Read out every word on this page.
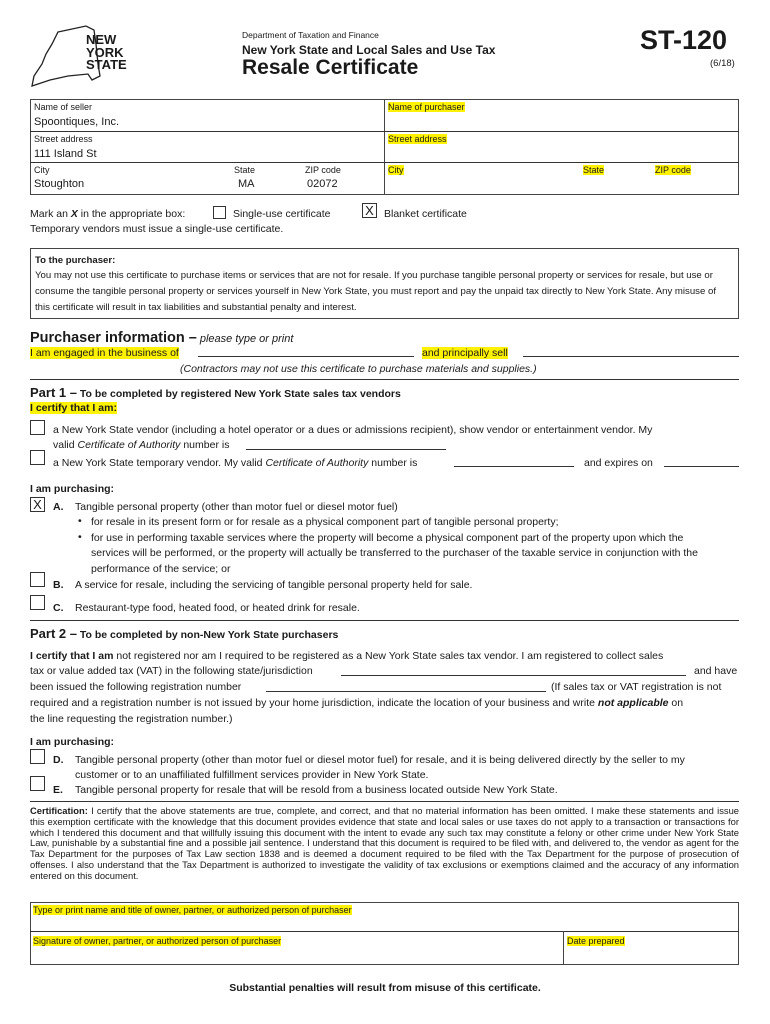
NEW
YORK
STATE
Department of Taxation and Finance
New York State and Local Sales and Use Tax
Resale Certificate
ST-120
(6/18)
Name of seller
Spoontiques, Inc.
Street address
111 Island St
City
Stoughton
State
MA
ZIP code
02072
Name of purchaser
Street address
City	State	ZIP code
Mark an X in the appropriate box:	Single-use certificate	X Blanket certificate
Temporary vendors must issue a single-use certificate.
To the purchaser:
You may not use this certificate to purchase items or services that are not for resale. If you purchase tangible personal property or services for resale, but use or consume the tangible personal property or services yourself in New York State, you must report and pay the unpaid tax directly to New York State. Any misuse of this certificate will result in tax liabilities and substantial penalty and interest.
Purchaser information – please type or print
I am engaged in the business of	and principally sell
(Contractors may not use this certificate to purchase materials and supplies.)
Part 1 – To be completed by registered New York State sales tax vendors
I certify that I am:
a New York State vendor (including a hotel operator or a dues or admissions recipient), show vendor or entertainment vendor. My
valid Certificate of Authority number is
a New York State temporary vendor. My valid Certificate of Authority number is	and expires on
I am purchasing:
X	A. Tangible personal property (other than motor fuel or diesel motor fuel)
• for resale in its present form or for resale as a physical component part of tangible personal property;
• for use in performing taxable services where the property will become a physical component part of the property upon which the
services will be performed, or the property will actually be transferred to the purchaser of the taxable service in conjunction with the
performance of the service; or
B. A service for resale, including the servicing of tangible personal property held for sale.
C. Restaurant-type food, heated food, or heated drink for resale.
Part 2 – To be completed by non-New York State purchasers
I certify that I am not registered nor am I required to be registered as a New York State sales tax vendor. I am registered to collect sales
tax or value added tax (VAT) in the following state/jurisdiction	and have
been issued the following registration number	(If sales tax or VAT registration is not
required and a registration number is not issued by your home jurisdiction, indicate the location of your business and write not applicable on
the line requesting the registration number.)
I am purchasing:
D. Tangible personal property (other than motor fuel or diesel motor fuel) for resale, and it is being delivered directly by the seller to my
customer or to an unaffiliated fulfillment services provider in New York State.
E. Tangible personal property for resale that will be resold from a business located outside New York State.
Certification: I certify that the above statements are true, complete, and correct, and that no material information has been omitted. I make these statements and issue this exemption certificate with the knowledge that this document provides evidence that state and local sales or use taxes do not apply to a transaction or transactions for which I tendered this document and that willfully issuing this document with the intent to evade any such tax may constitute a felony or other crime under New York State Law, punishable by a substantial fine and a possible jail sentence. I understand that this document is required to be filed with, and delivered to, the vendor as agent for the Tax Department for the purposes of Tax Law section 1838 and is deemed a document required to be filed with the Tax Department for the purpose of prosecution of offenses. I also understand that the Tax Department is authorized to investigate the validity of tax exclusions or exemptions claimed and the accuracy of any information entered on this document.
Type or print name and title of owner, partner, or authorized person of purchaser
Signature of owner, partner, or authorized person of purchaser	Date prepared
Substantial penalties will result from misuse of this certificate.
